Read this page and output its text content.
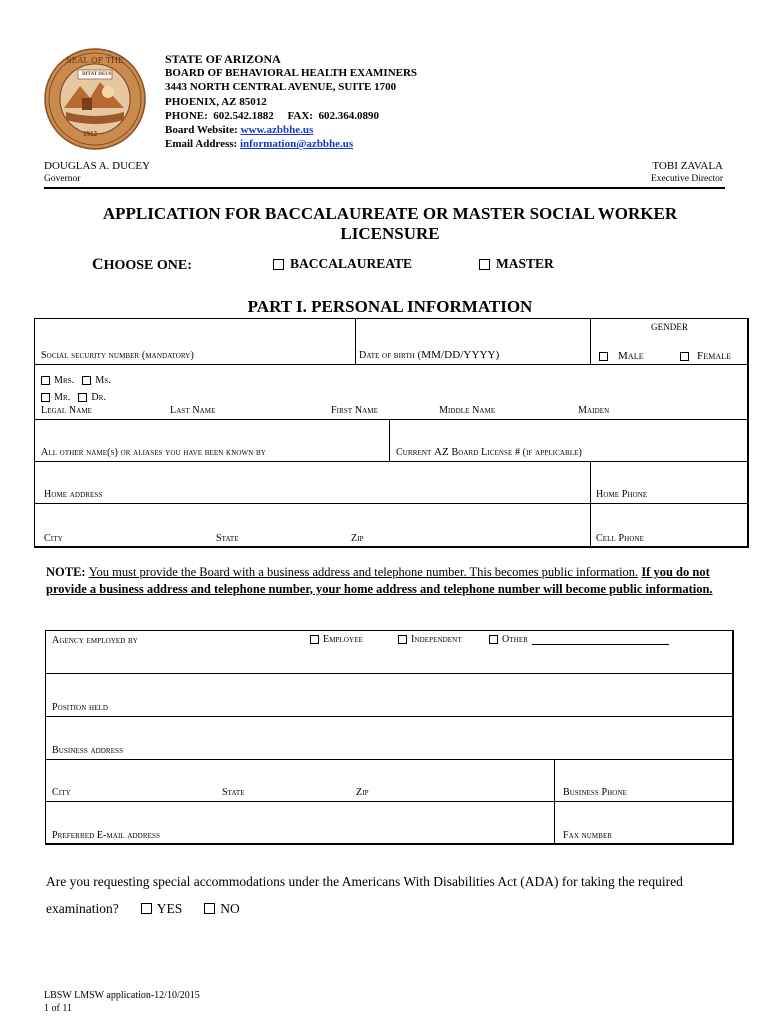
SEAL OF THE
DITAT DEUS
1912
STATE OF ARIZONA
BOARD OF BEHAVIORAL HEALTH EXAMINERS
3443 NORTH CENTRAL AVENUE, SUITE 1700
PHOENIX, AZ 85012
PHONE:  602.542.1882     FAX:  602.364.0890
Board Website: www.azbbhe.us
Email Address: information@azbbhe.us
DOUGLAS A. DUCEY
Governor
TOBI ZAVALA
Executive Director
APPLICATION FOR BACCALAUREATE OR MASTER SOCIAL WORKER
LICENSURE
CHOOSE ONE:	BACCALAUREATE	MASTER
PART I. PERSONAL INFORMATION
Social security number (mandatory)	Date of birth (MM/DD/YYYY)
GENDER
Male	Female
Mrs. Ms.
Mr. Dr.
Legal Name	Last Name	First Name	Middle Name	Maiden
All other name(s) or aliases you have been known by	Current AZ Board License # (if applicable)
Home address	Home Phone
City	State	Zip	Cell Phone
NOTE: You must provide the Board with a business address and telephone number. This becomes public information. If you do not provide a business address and telephone number, your home address and telephone number will become public information.
Agency employed by	Employee	Independent	Other
Position held
Business address
City	State	Zip	Business Phone
Preferred E-mail address	Fax number
Are you requesting special accommodations under the Americans With Disabilities Act (ADA) for taking the required
examination?	YES	NO
LBSW LMSW application-12/10/2015
1 of 11
